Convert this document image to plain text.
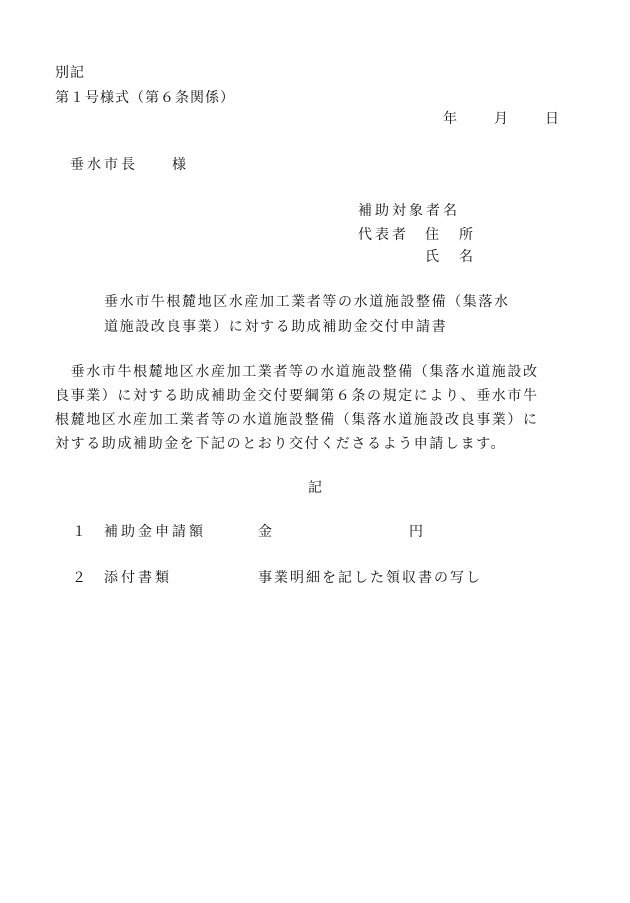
別記
第１号様式（第６条関係）
年	月	日
垂水市長 様
補助対象者名
代表者 住　所
氏　名
垂水市牛根麓地区水産加工業者等の水道施設整備（集落水
道施設改良事業）に対する助成補助金交付申請書
　垂水市牛根麓地区水産加工業者等の水道施設整備（集落水道施設改
良事業）に対する助成補助金交付要綱第６条の規定により、垂水市牛
根麓地区水産加工業者等の水道施設整備（集落水道施設改良事業）に
対する助成補助金を下記のとおり交付くださるよう申請します。
記
１ 補助金申請額	金	円
２ 添付書類	事業明細を記した領収書の写し
